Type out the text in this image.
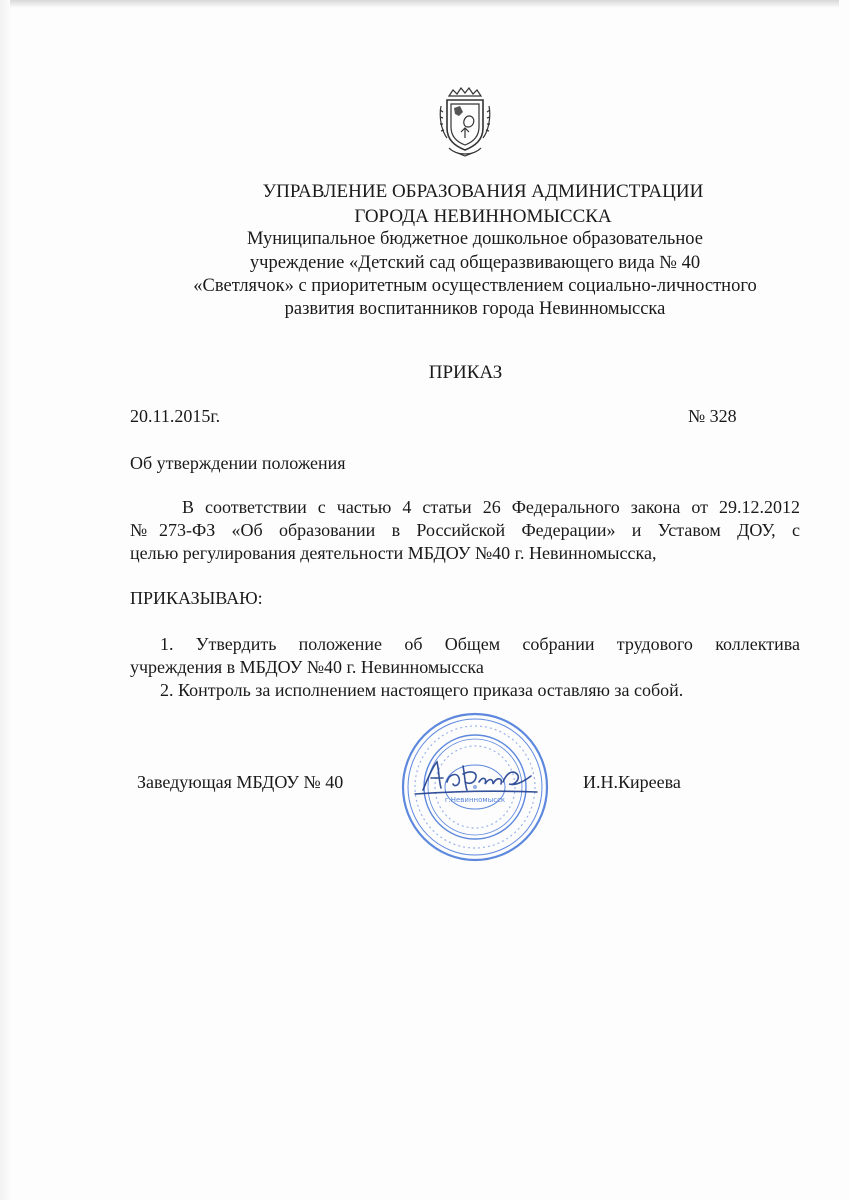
УПРАВЛЕНИЕ ОБРАЗОВАНИЯ АДМИНИСТРАЦИИ
ГОРОДА НЕВИННОМЫССКА
Муниципальное бюджетное дошкольное образовательное
учреждение «Детский сад общеразвивающего вида № 40
«Светлячок» с приоритетным осуществлением социально-личностного
развития воспитанников города Невинномысска
ПРИКАЗ
20.11.2015г.	№ 328
Об утверждении положения
В соответствии с частью 4 статьи 26 Федерального закона от 29.12.2012
№273-ФЗ «Об образовании в Российской Федерации» и Уставом ДОУ, с
целью регулирования деятельности МБДОУ №40 г. Невинномысска,
ПРИКАЗЫВАЮ:
1. Утвердить положение об Общем собрании трудового коллектива
учреждения в МБДОУ №40 г. Невинномысска
2. Контроль за исполнением настоящего приказа оставляю за собой.
Заведующая МБДОУ № 40	И.Н.Киреева
г.Невинномысск
